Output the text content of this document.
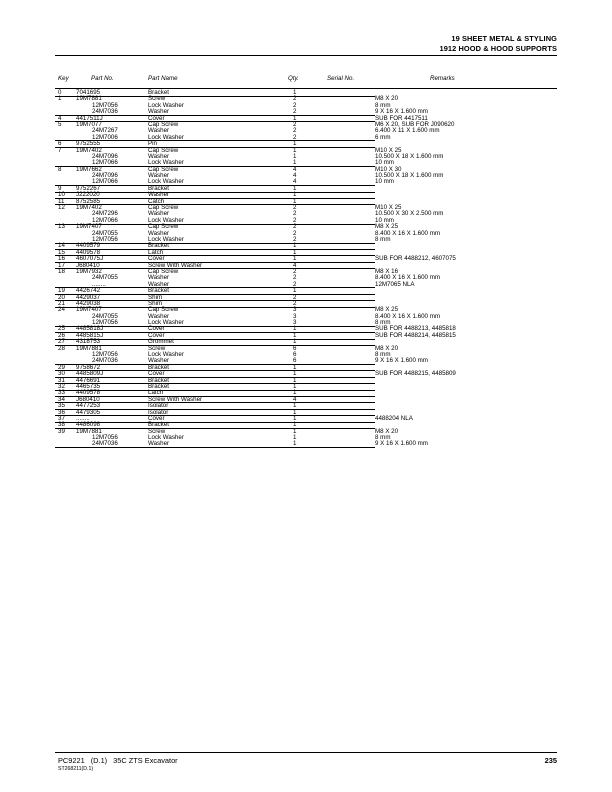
19 SHEET METAL & STYLING
1912 HOOD & HOOD SUPPORTS
Key	Part No.	Part Name	Qty.	Serial No.	Remarks
0 7041695	Bracket	1
1 19M7881	Screw	2	M8 X 20
12M7056	Lock Washer	2	8 mm
24M7036	Washer	2	9 X 16 X 1.600 mm
4 4417511J	Cover	1	SUB FOR 4417511
5 19M7077	Cap Screw	2	M6 X 20, SUB FOR J090620
24M7267	Washer	2	6.400 X 11 X 1.600 mm
12M7006	Lock Washer	2	6 mm
6 9752555	Pin	1
7 19M7402	Cap Screw	1	M10 X 25
24M7096	Washer	1	10.500 X 18 X 1.600 mm
12M7066	Lock Washer	1	10 mm
8 19M7662	Cap Screw	4	M10 X 30
24M7096	Washer	4	10.500 X 18 X 1.600 mm
12M7066	Lock Washer	4	10 mm
9 9752267	Bracket	1
10 J222020	Washer	1
11 8752585	Catch	1
12 19M7402	Cap Screw	2	M10 X 25
24M7296	Washer	2	10.500 X 30 X 2.500 mm
12M7066	Lock Washer	2	10 mm
13 19M7407	Cap Screw	2	M8 X 25
24M7055	Washer	2	8.400 X 16 X 1.600 mm
12M7056	Lock Washer	2	8 mm
14 4409579	Bracket	1
15 4409578	Latch	1
16 4607075J	Cover	1	SUB FOR 4488212, 4607075
17 J680410	Screw With Washer	4
18 19M7932	Cap Screw	2	M8 X 16
24M7055	Washer	2	8.400 X 16 X 1.600 mm
........	Washer	2	12M7065 NLA
19 4426742	Bracket	1
20 4429037	Shim	2
21 4429038	Shim	2
24 19M7407	Cap Screw	3	M8 X 25
24M7055	Washer	3	8.400 X 16 X 1.600 mm
12M7056	Lock Washer	3	8 mm
25 4485818J	Cover	1	SUB FOR 4488213, 4485818
26 4485815J	Cover	1	SUB FOR 4488214, 4485815
27 4318753	Grommet	1
28 19M7881	Screw	6	M8 X 20
12M7056	Lock Washer	6	8 mm
24M7036	Washer	6	9 X 16 X 1.600 mm
29 9758672	Bracket	1
30 4485809J	Cover	1	SUB FOR 4488215, 4485809
31 4476691	Bracket	1
32 4465735	Bracket	1
33 4409578	Latch	1
34 J680410	Screw With Washer	4
35 4477253	Isolator	1
36 4479305	Isolator	1
37 ........	Cover	1	4488204 NLA
38 4486098	Bracket	1
39 19M7881	Screw	1	M8 X 20
12M7056	Lock Washer	1	8 mm
24M7036	Washer	1	9 X 16 X 1.600 mm
PC9221 (D.1) 35C ZTS Excavator	235
ST268211(D.1)
